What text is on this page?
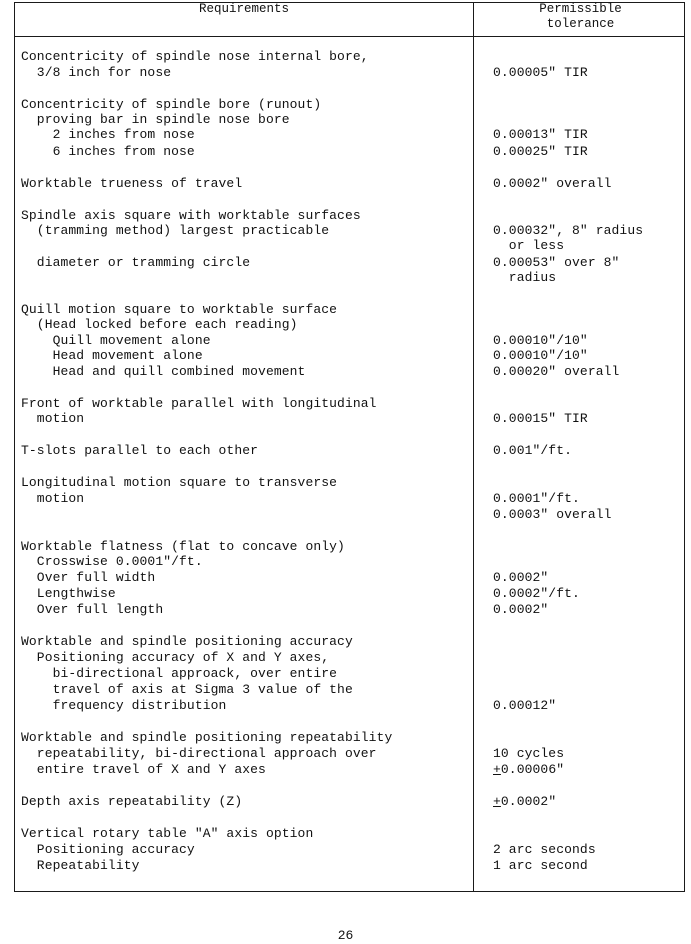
Requirements	Permissible
tolerance
Concentricity of spindle nose internal bore,
3/8 inch for nose
Concentricity of spindle bore (runout)
proving bar in spindle nose bore
2 inches from nose
6 inches from nose
Worktable trueness of travel
Spindle axis square with worktable surfaces
(tramming method) largest practicable
diameter or tramming circle
Quill motion square to worktable surface
(Head locked before each reading)
Quill movement alone
Head movement alone
Head and quill combined movement
Front of worktable parallel with longitudinal
motion
T-slots parallel to each other
Longitudinal motion square to transverse
motion
Worktable flatness (flat to concave only)
Crosswise 0.0001"/ft.
Over full width
Lengthwise
Over full length
Worktable and spindle positioning accuracy
Positioning accuracy of X and Y axes,
bi-directional approack, over entire
travel of axis at Sigma 3 value of the
frequency distribution
Worktable and spindle positioning repeatability
repeatability, bi-directional approach over
entire travel of X and Y axes
Depth axis repeatability (Z)
Vertical rotary table "A" axis option
Positioning accuracy
Repeatability
0.00005" TIR
0.00013" TIR
0.00025" TIR
0.0002" overall
0.00032", 8" radius
or less
0.00053" over 8"
radius
0.00010"/10"
0.00010"/10"
0.00020" overall
0.00015" TIR
0.001"/ft.
0.0001"/ft.
0.0003" overall
0.0002"
0.0002"/ft.
0.0002"
0.00012"
10 cycles
+0.00006"
+0.0002"
2 arc seconds
1 arc second
26
